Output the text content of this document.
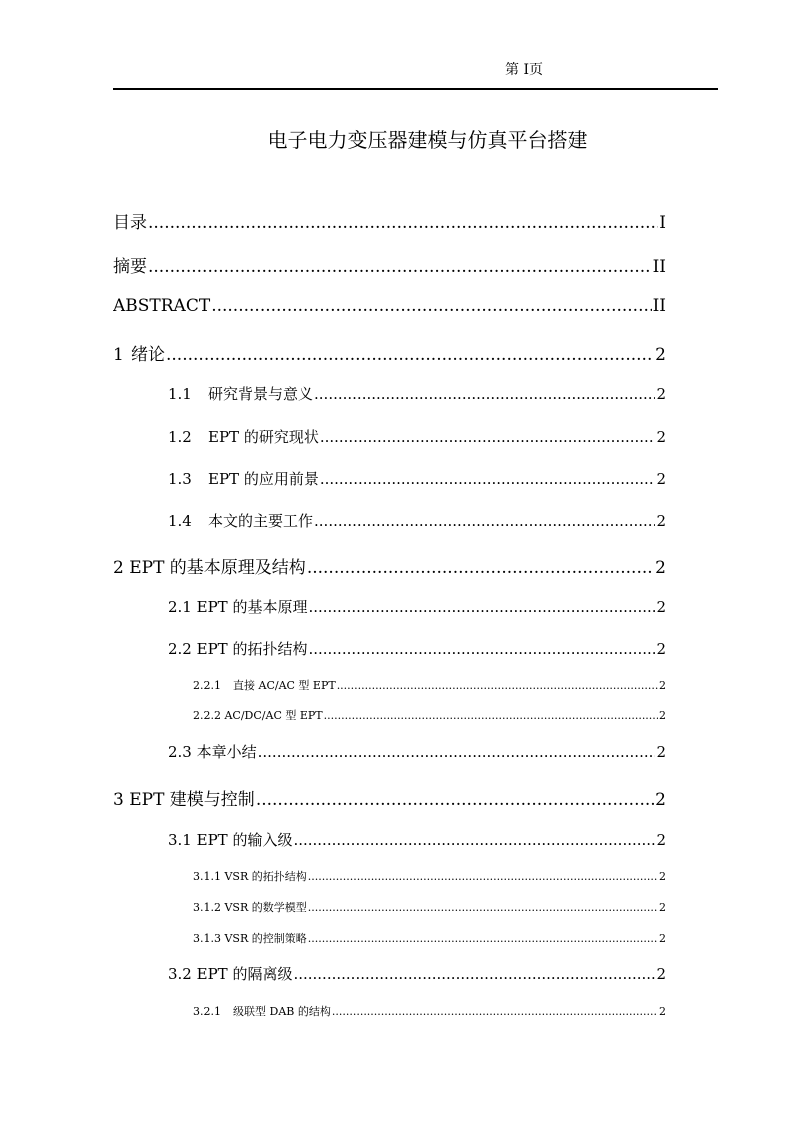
第 I页
电子电力变压器建模与仿真平台搭建
目录 .....	I
摘要 .....	II
ABSTRACT .....	II
1 绪论 .....	2
1.1 研究背景与意义 .....	2
1.2 EPT 的研究现状 .....	2
1.3 EPT 的应用前景 .....	2
1.4 本文的主要工作 .....	2
2 EPT 的基本原理及结构 .....	2
2.1 EPT 的基本原理 .....	2
2.2 EPT 的拓扑结构 .....	2
2.2.1 直接 AC/AC 型 EPT .....	2
2.2.2 AC/DC/AC 型 EPT .....	2
2.3 本章小结 .....	2
3 EPT 建模与控制 .....	2
3.1 EPT 的输入级 .....	2
3.1.1 VSR 的拓扑结构 .....	2
3.1.2 VSR 的数学模型 .....	2
3.1.3 VSR 的控制策略 .....	2
3.2 EPT 的隔离级 .....	2
3.2.1 级联型 DAB 的结构 .....	2
